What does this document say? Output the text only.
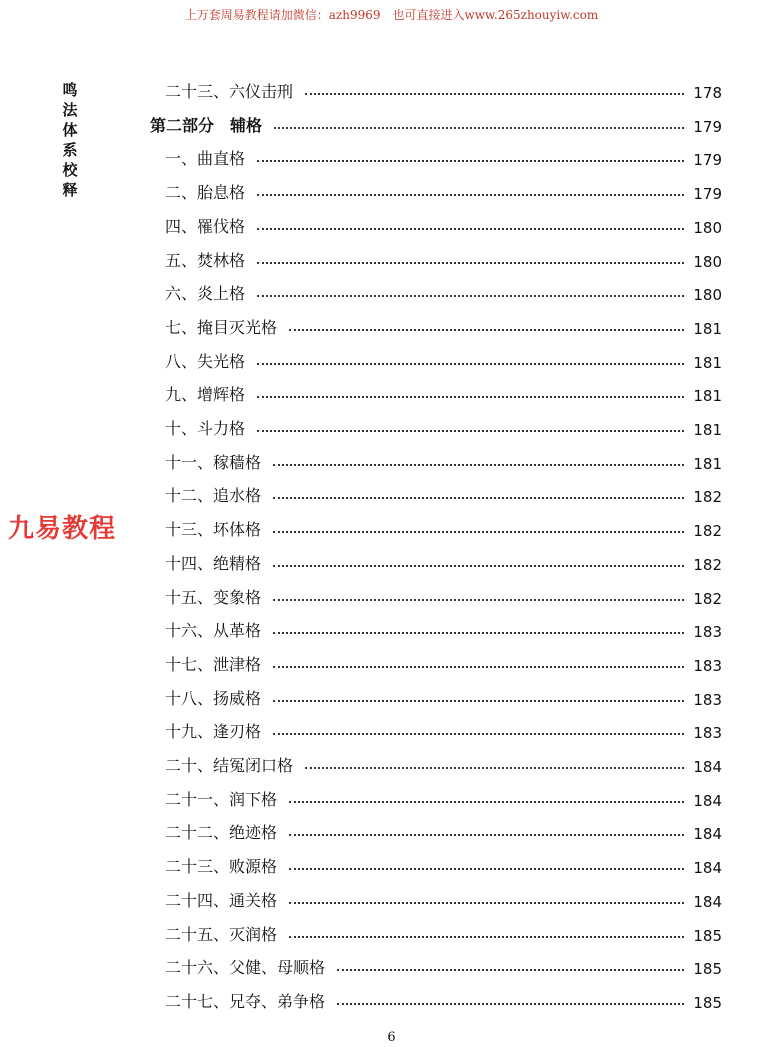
上万套周易教程请加微信：azh9969　也可直接进入www.265zhouyiw.com
鸣
法
体
系
校
释
九易教程
二十三、六仪击刑	178
第二部分　辅格	179
一、曲直格	179
二、胎息格	179
四、罹伐格	180
五、焚林格	180
六、炎上格	180
七、掩目灭光格	181
八、失光格	181
九、增辉格	181
十、斗力格	181
十一、稼穑格	181
十二、追水格	182
十三、坏体格	182
十四、绝精格	182
十五、变象格	182
十六、从革格	183
十七、泄津格	183
十八、扬威格	183
十九、逢刃格	183
二十、结冤闭口格	184
二十一、润下格	184
二十二、绝迹格	184
二十三、败源格	184
二十四、通关格	184
二十五、灭润格	185
二十六、父健、母顺格	185
二十七、兄夺、弟争格	185
6
